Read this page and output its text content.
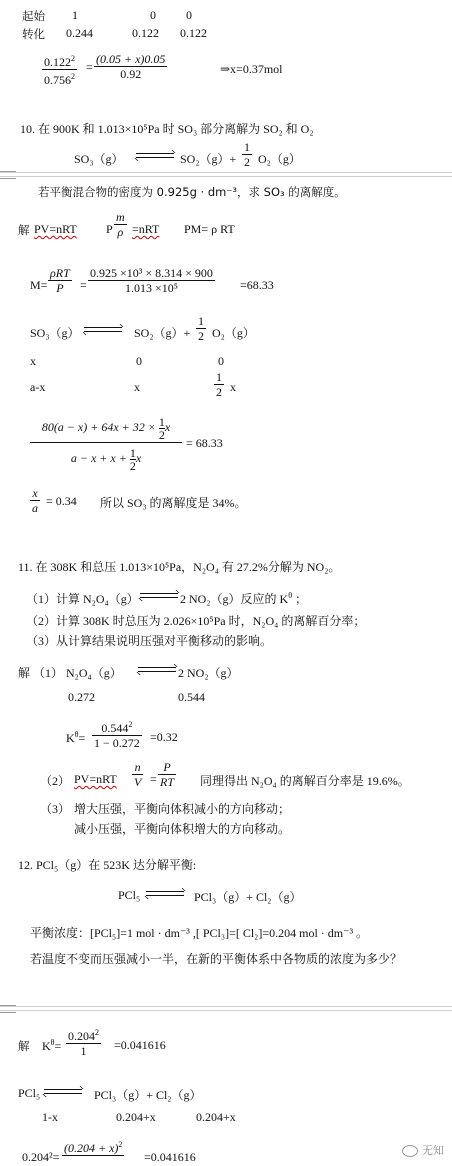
起始 1	0	0
转化 0.244	0.122 0.122
$\frac{0.122^2}{0.756^2} = \frac{(0.05 + x)0.05}{0.92}$	⇒x=0.37mol
10. 在 900K 和 1.013×10⁵Pa 时 SO₃ 部分离解为 SO₂ 和 O₂
SO₃（g）	$SO_2(g)+ \frac{1}{2} O_2(g)$
若平衡混合物的密度为 0.925g · dm⁻³，求 SO₃ 的离解度。
解 PV=nRT P $\frac{m}{\rho} =nRT$ PM= ρ RT
M=
ρRT
P	= $\frac{\text{0.925 ×10³ × 8.314 × 900}}{\text{1.013 ×10⁵}} =68.33$
SO₃（g）	$SO_2(g)+ \frac{1}{2} O_2(g)$
x	0	0
a-x	x	$\frac{1}{2}$ x
$\frac{80(a - x) + 64x + 32 \times \frac{1}{2} x}{a - x + x + \frac{1}{2} x} = 68.33$
$\frac{x}{a} = 0.34$ 所以 SO₃ 的离解度是 34%。
11. 在 308K 和总压 1.013×10⁵Pa，N₂O₄ 有 27.2%分解为 NO₂。
（1）计算 N₂O₄（g）	2 NO₂（g）反应的 $K^\theta$ ；
（2）计算 308K 时总压为 2.026×10⁵Pa 时，N₂O₄ 的离解百分率；
（3）从计算结果说明压强对平衡移动的影响。
解 （1） N₂O₄（g）	2 NO₂（g）
0.272	0.544
$K^\theta= \frac{0.544^2}{1 - 0.272} =0.32$
（2） $PV=nRT \frac{n}{V} = \frac{P}{RT}$ 同理得出 N₂O₄ 的离解百分率是 19.6%。
（3） 增大压强，平衡向体积减小的方向移动；
减小压强，平衡向体积增大的方向移动。
12. PCl₅（g）在 523K 达分解平衡:
PCl₅	PCl₃（g）+ Cl₂（g）
平衡浓度：[PCl₅]=1 mol · dm⁻³ ,[ PCl₃]=[ Cl₂]=0.204 mol · dm⁻³ 。
若温度不变而压强减小一半，在新的平衡体系中各物质的浓度为多少？
解 $K^\theta= \frac{0.204^2}{1} =0.041616$
PCl₅	PCl₃（g）+ Cl₂（g）
1-x	0.204+x	0.204+x
0.204²=
$(0.204 + x)^2$
=0.041616	无知
